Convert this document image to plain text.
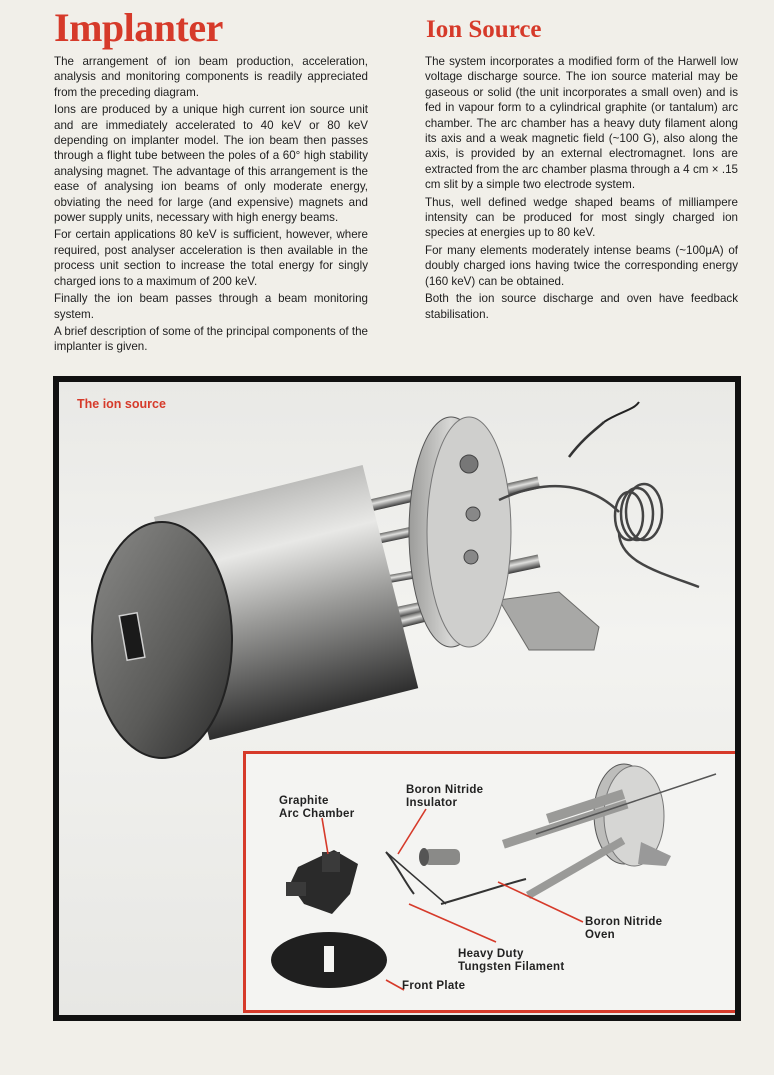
Implanter	Ion Source

The arrangement of ion beam production, acceleration, analysis and monitoring components is readily appreciated from the preceding diagram.

Ions are produced by a unique high current ion source unit and are immediately accelerated to 40 keV or 80 keV depending on implanter model. The ion beam then passes through a flight tube between the poles of a 60° high stability analysing magnet. The advantage of this arrangement is the ease of analysing ion beams of only moderate energy, obviating the need for large (and expensive) magnets and power supply units, necessary with high energy beams.

For certain applications 80 keV is sufficient, however, where required, post analyser acceleration is then available in the process unit section to increase the total energy for singly charged ions to a maximum of 200 keV.

Finally the ion beam passes through a beam monitoring system.

A brief description of some of the principal components of the implanter is given.

The system incorporates a modified form of the Harwell low voltage discharge source. The ion source material may be gaseous or solid (the unit incorporates a small oven) and is fed in vapour form to a cylindrical graphite (or tantalum) arc chamber. The arc chamber has a heavy duty filament along its axis and a weak magnetic field (~100 G), also along the axis, is provided by an external electromagnet. Ions are extracted from the arc chamber plasma through a 4 cm × .15 cm slit by a simple two electrode system.

Thus, well defined wedge shaped beams of milliampere intensity can be produced for most singly charged ion species at energies up to 80 keV.

For many elements moderately intense beams (~100μA) of doubly charged ions having twice the corresponding energy (160 keV) can be obtained.

Both the ion source discharge and oven have feedback stabilisation.

The ion source
Graphite
Arc Chamber
Boron Nitride
Insulator
Boron Nitride
Oven
Heavy Duty
Tungsten Filament
Front Plate
